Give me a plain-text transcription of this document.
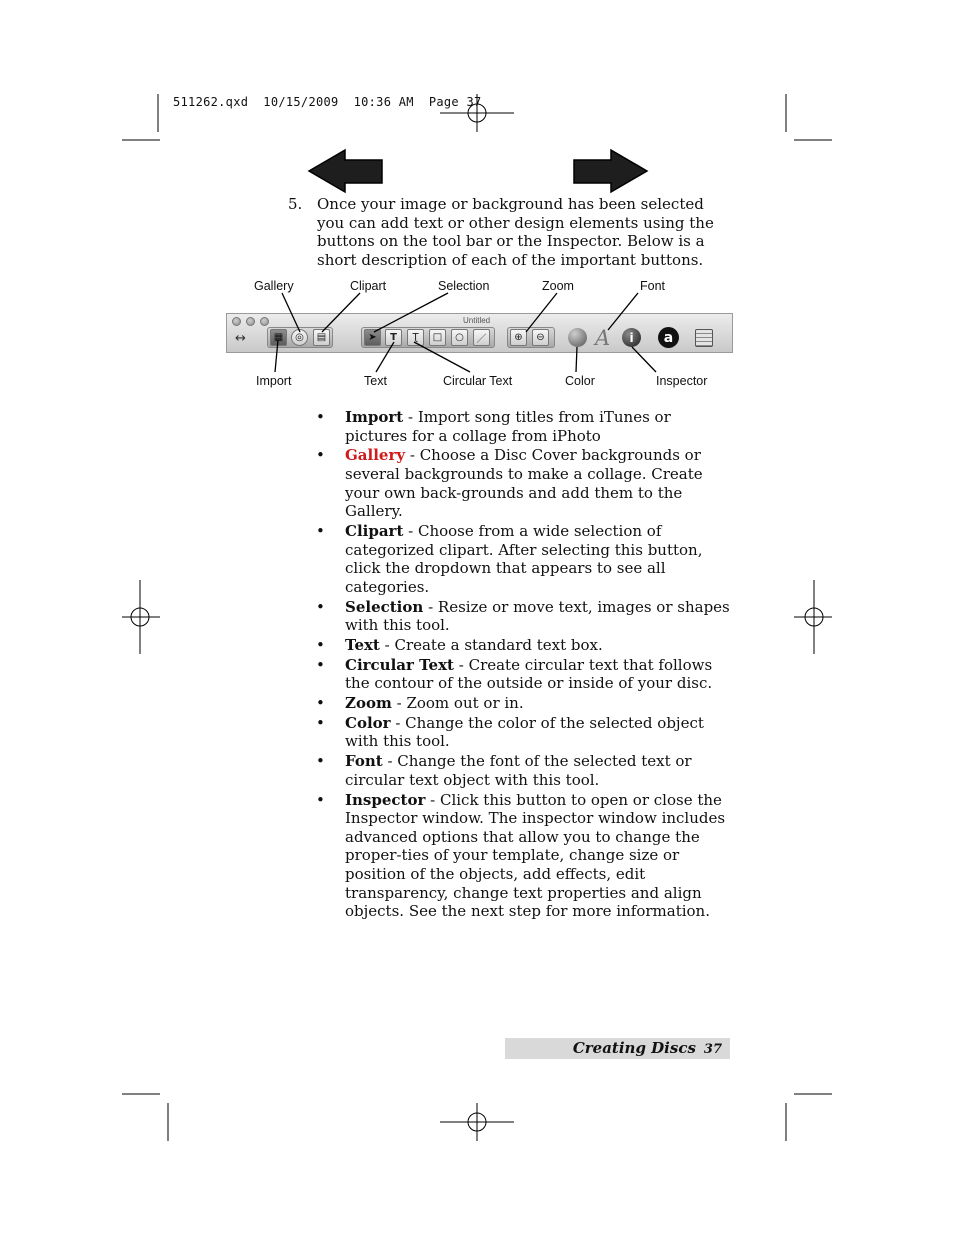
511262.qxd  10/15/2009  10:36 AM  Page 37
5. Once your image or background has been selected you can add text or other design elements using the buttons on the tool bar or the Inspector. Below is a short description of each of the important buttons.
Gallery	Clipart	Selection	Zoom	Font
Import	Text	Circular Text	Color	Inspector
Untitled
↔	▦	◎	▤	➤	T	Ʈ	□	○	／	⊕	⊖ A	i	a
• Import - Import song titles from iTunes or pictures for a collage from iPhoto
• Gallery - Choose a Disc Cover backgrounds or several backgrounds to make a collage. Create your own back-grounds and add them to the Gallery.
• Clipart - Choose from a wide selection of categorized clipart. After selecting this button, click the dropdown that appears to see all categories.
• Selection - Resize or move text, images or shapes with this tool.
• Text - Create a standard text box.
• Circular Text - Create circular text that follows the contour of the outside or inside of your disc.
• Zoom - Zoom out or in.
• Color - Change the color of the selected object with this tool.
• Font - Change the font of the selected text or circular text object with this tool.
• Inspector - Click this button to open or close the Inspector window. The inspector window includes advanced options that allow you to change the proper-ties of your template, change size or position of the objects, add effects, edit transparency, change text properties and align objects. See the next step for more information.
Creating Discs 37
